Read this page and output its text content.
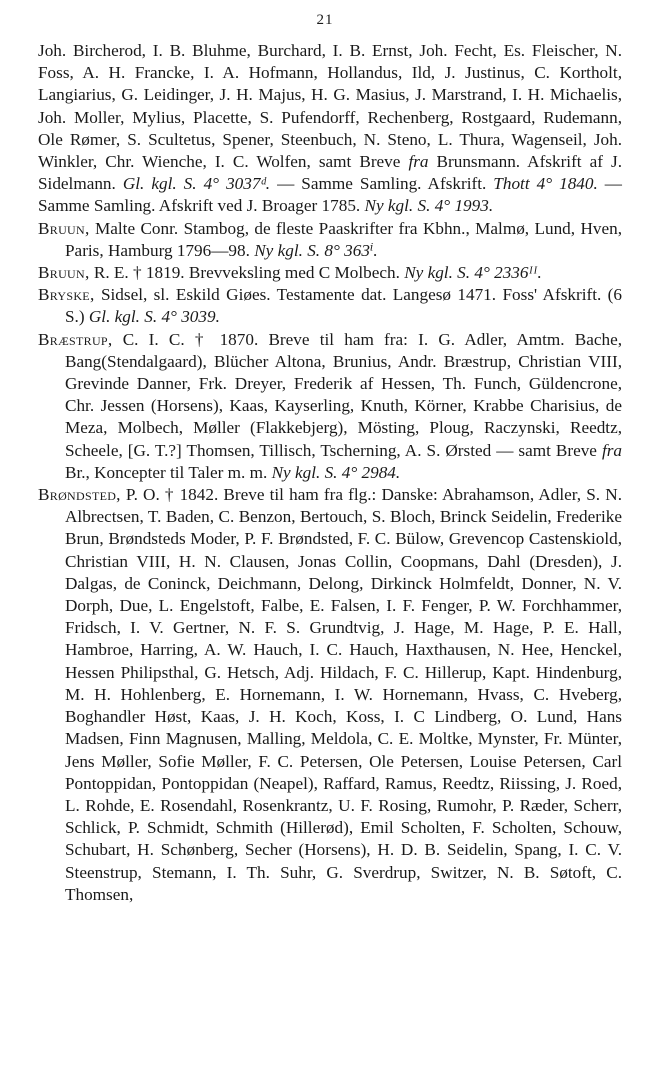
21

Joh. Bircherod, I. B. Bluhme, Burchard, I. B. Ernst, Joh. Fecht, Es. Fleischer, N. Foss, A. H. Francke, I. A. Hofmann, Hollandus, Ild, J. Justinus, C. Kortholt, Langiarius, G. Leidinger, J. H. Majus, H. G. Masius, J. Marstrand, I. H. Michaelis, Joh. Moller, Mylius, Placette, S. Pufendorff, Rechenberg, Rostgaard, Rudemann, Ole Rømer, S. Scultetus, Spener, Steenbuch, N. Steno, L. Thura, Wagenseil, Joh. Winkler, Chr. Wienche, I. C. Wolfen, samt Breve fra Brunsmann. Afskrift af J. Sidelmann. Gl. kgl. S. 4° 3037ᵈ. — Samme Samling. Afskrift. Thott 4° 1840. — Samme Samling. Afskrift ved J. Broager 1785. Ny kgl. S. 4° 1993.

Bruun, Malte Conr. Stambog, de fleste Paaskrifter fra Kbhn., Malmø, Lund, Hven, Paris, Hamburg 1796—98. Ny kgl. S. 8° 363ⁱ.

Bruun, R. E. † 1819. Brevveksling med C Molbech. Ny kgl. S. 4° 2336ᴵᴵ.

Bryske, Sidsel, sl. Eskild Giøes. Testamente dat. Langesø 1471. Foss' Afskrift. (6 S.) Gl. kgl. S. 4° 3039.

Bræstrup, C. I. C. † 1870. Breve til ham fra: I. G. Adler, Amtm. Bache, Bang(Stendalgaard), Blücher Altona, Brunius, Andr. Bræstrup, Christian VIII, Grevinde Danner, Frk. Dreyer, Frederik af Hessen, Th. Funch, Güldencrone, Chr. Jessen (Horsens), Kaas, Kayserling, Knuth, Körner, Krabbe Charisius, de Meza, Molbech, Møller (Flakkebjerg), Mösting, Ploug, Raczynski, Reedtz, Scheele, [G. T.?] Thomsen, Tillisch, Tscherning, A. S. Ørsted — samt Breve fra Br., Koncepter til Taler m. m. Ny kgl. S. 4° 2984.

Brøndsted, P. O. † 1842. Breve til ham fra flg.: Danske: Abrahamson, Adler, S. N. Albrectsen, T. Baden, C. Benzon, Bertouch, S. Bloch, Brinck Seidelin, Frederike Brun, Brøndsteds Moder, P. F. Brøndsted, F. C. Bülow, Grevencop Castenskiold, Christian VIII, H. N. Clausen, Jonas Collin, Coopmans, Dahl (Dresden), J. Dalgas, de Coninck, Deichmann, Delong, Dirkinck Holmfeldt, Donner, N. V. Dorph, Due, L. Engelstoft, Falbe, E. Falsen, I. F. Fenger, P. W. Forchhammer, Fridsch, I. V. Gertner, N. F. S. Grundtvig, J. Hage, M. Hage, P. E. Hall, Hambroe, Harring, A. W. Hauch, I. C. Hauch, Haxthausen, N. Hee, Henckel, Hessen Philipsthal, G. Hetsch, Adj. Hildach, F. C. Hillerup, Kapt. Hindenburg, M. H. Hohlenberg, E. Hornemann, I. W. Hornemann, Hvass, C. Hveberg, Boghandler Høst, Kaas, J. H. Koch, Koss, I. C Lindberg, O. Lund, Hans Madsen, Finn Magnusen, Malling, Meldola, C. E. Moltke, Mynster, Fr. Münter, Jens Møller, Sofie Møller, F. C. Petersen, Ole Petersen, Louise Petersen, Carl Pontoppidan, Pontoppidan (Neapel), Raffard, Ramus, Reedtz, Riissing, J. Roed, L. Rohde, E. Rosendahl, Rosenkrantz, U. F. Rosing, Rumohr, P. Ræder, Scherr, Schlick, P. Schmidt, Schmith (Hillerød), Emil Scholten, F. Scholten, Schouw, Schubart, H. Schønberg, Secher (Horsens), H. D. B. Seidelin, Spang, I. C. V. Steenstrup, Stemann, I. Th. Suhr, G. Sverdrup, Switzer, N. B. Søtoft, C. Thomsen,
